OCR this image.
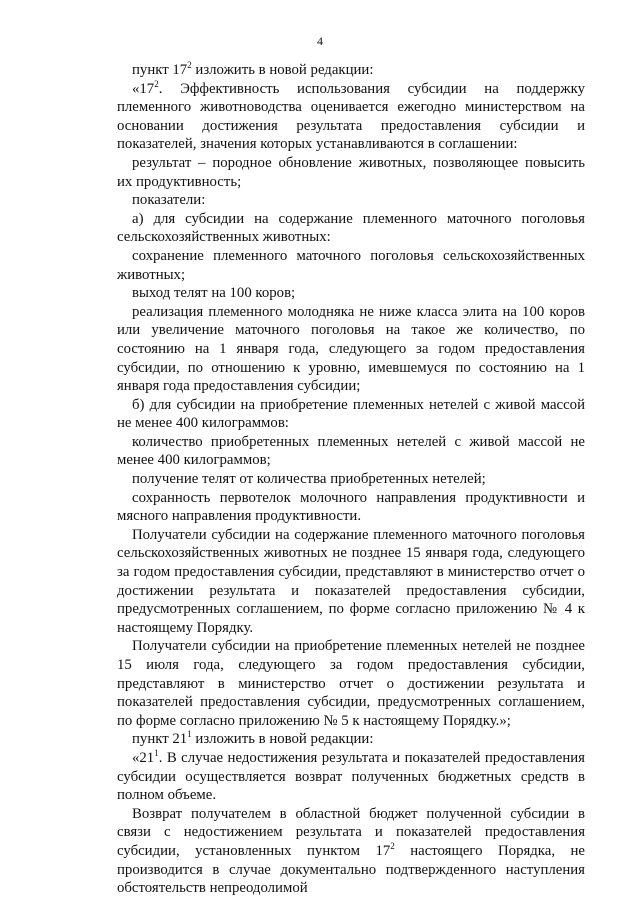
4

пункт $17^2$ изложить в новой редакции:

«$17^2$. Эффективность использования субсидии на поддержку племенного животноводства оценивается ежегодно министерством на основании достижения результата предоставления субсидии и показателей, значения которых устанавливаются в соглашении:

результат – породное обновление животных, позволяющее повысить их продуктивность;

показатели:

а) для субсидии на содержание племенного маточного поголовья сельскохозяйственных животных:

сохранение племенного маточного поголовья сельскохозяйственных животных;

выход телят на 100 коров;

реализация племенного молодняка не ниже класса элита на 100 коров или увеличение маточного поголовья на такое же количество, по состоянию на 1 января года, следующего за годом предоставления субсидии, по отношению к уровню, имевшемуся по состоянию на 1 января года предоставления субсидии;

б) для субсидии на приобретение племенных нетелей с живой массой не менее 400 килограммов:

количество приобретенных племенных нетелей с живой массой не менее 400 килограммов;

получение телят от количества приобретенных нетелей;

сохранность первотелок молочного направления продуктивности и мясного направления продуктивности.

Получатели субсидии на содержание племенного маточного поголовья сельскохозяйственных животных не позднее 15 января года, следующего за годом предоставления субсидии, представляют в министерство отчет о достижении результата и показателей предоставления субсидии, предусмотренных соглашением, по форме согласно приложению № 4 к настоящему Порядку.

Получатели субсидии на приобретение племенных нетелей не позднее 15 июля года, следующего за годом предоставления субсидии, представляют в министерство отчет о достижении результата и показателей предоставления субсидии, предусмотренных соглашением, по форме согласно приложению № 5 к настоящему Порядку.»;

пункт $21^1$ изложить в новой редакции:

«$21^1$. В случае недостижения результата и показателей предоставления субсидии осуществляется возврат полученных бюджетных средств в полном объеме.

Возврат получателем в областной бюджет полученной субсидии в связи с недостижением результата и показателей предоставления субсидии, установленных пунктом $17^2$ настоящего Порядка, не производится в случае документально подтвержденного наступления обстоятельств непреодолимой
